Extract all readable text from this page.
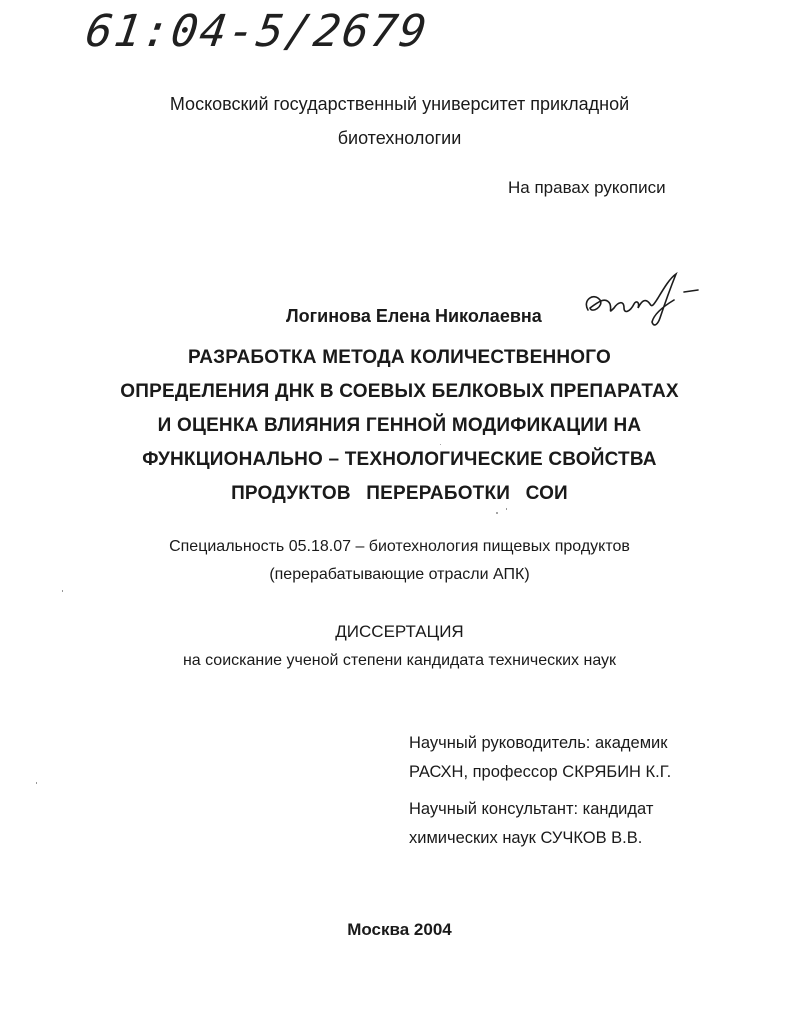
61:04-5/2679
Московский государственный университет прикладной
биотехнологии
На правах рукописи
Логинова Елена Николаевна
РАЗРАБОТКА МЕТОДА КОЛИЧЕСТВЕННОГО
ОПРЕДЕЛЕНИЯ ДНК В СОЕВЫХ БЕЛКОВЫХ ПРЕПАРАТАХ
И ОЦЕНКА ВЛИЯНИЯ ГЕННОЙ МОДИФИКАЦИИ НА
ФУНКЦИОНАЛЬНО – ТЕХНОЛОГИЧЕСКИЕ СВОЙСТВА
ПРОДУКТОВ ПЕРЕРАБОТКИ СОИ
Специальность 05.18.07 – биотехнология пищевых продуктов
(перерабатывающие отрасли АПК)
ДИССЕРТАЦИЯ
на соискание ученой степени кандидата технических наук
Научный руководитель: академик
РАСХН, профессор СКРЯБИН К.Г.
Научный консультант: кандидат
химических наук СУЧКОВ В.В.
Москва 2004
